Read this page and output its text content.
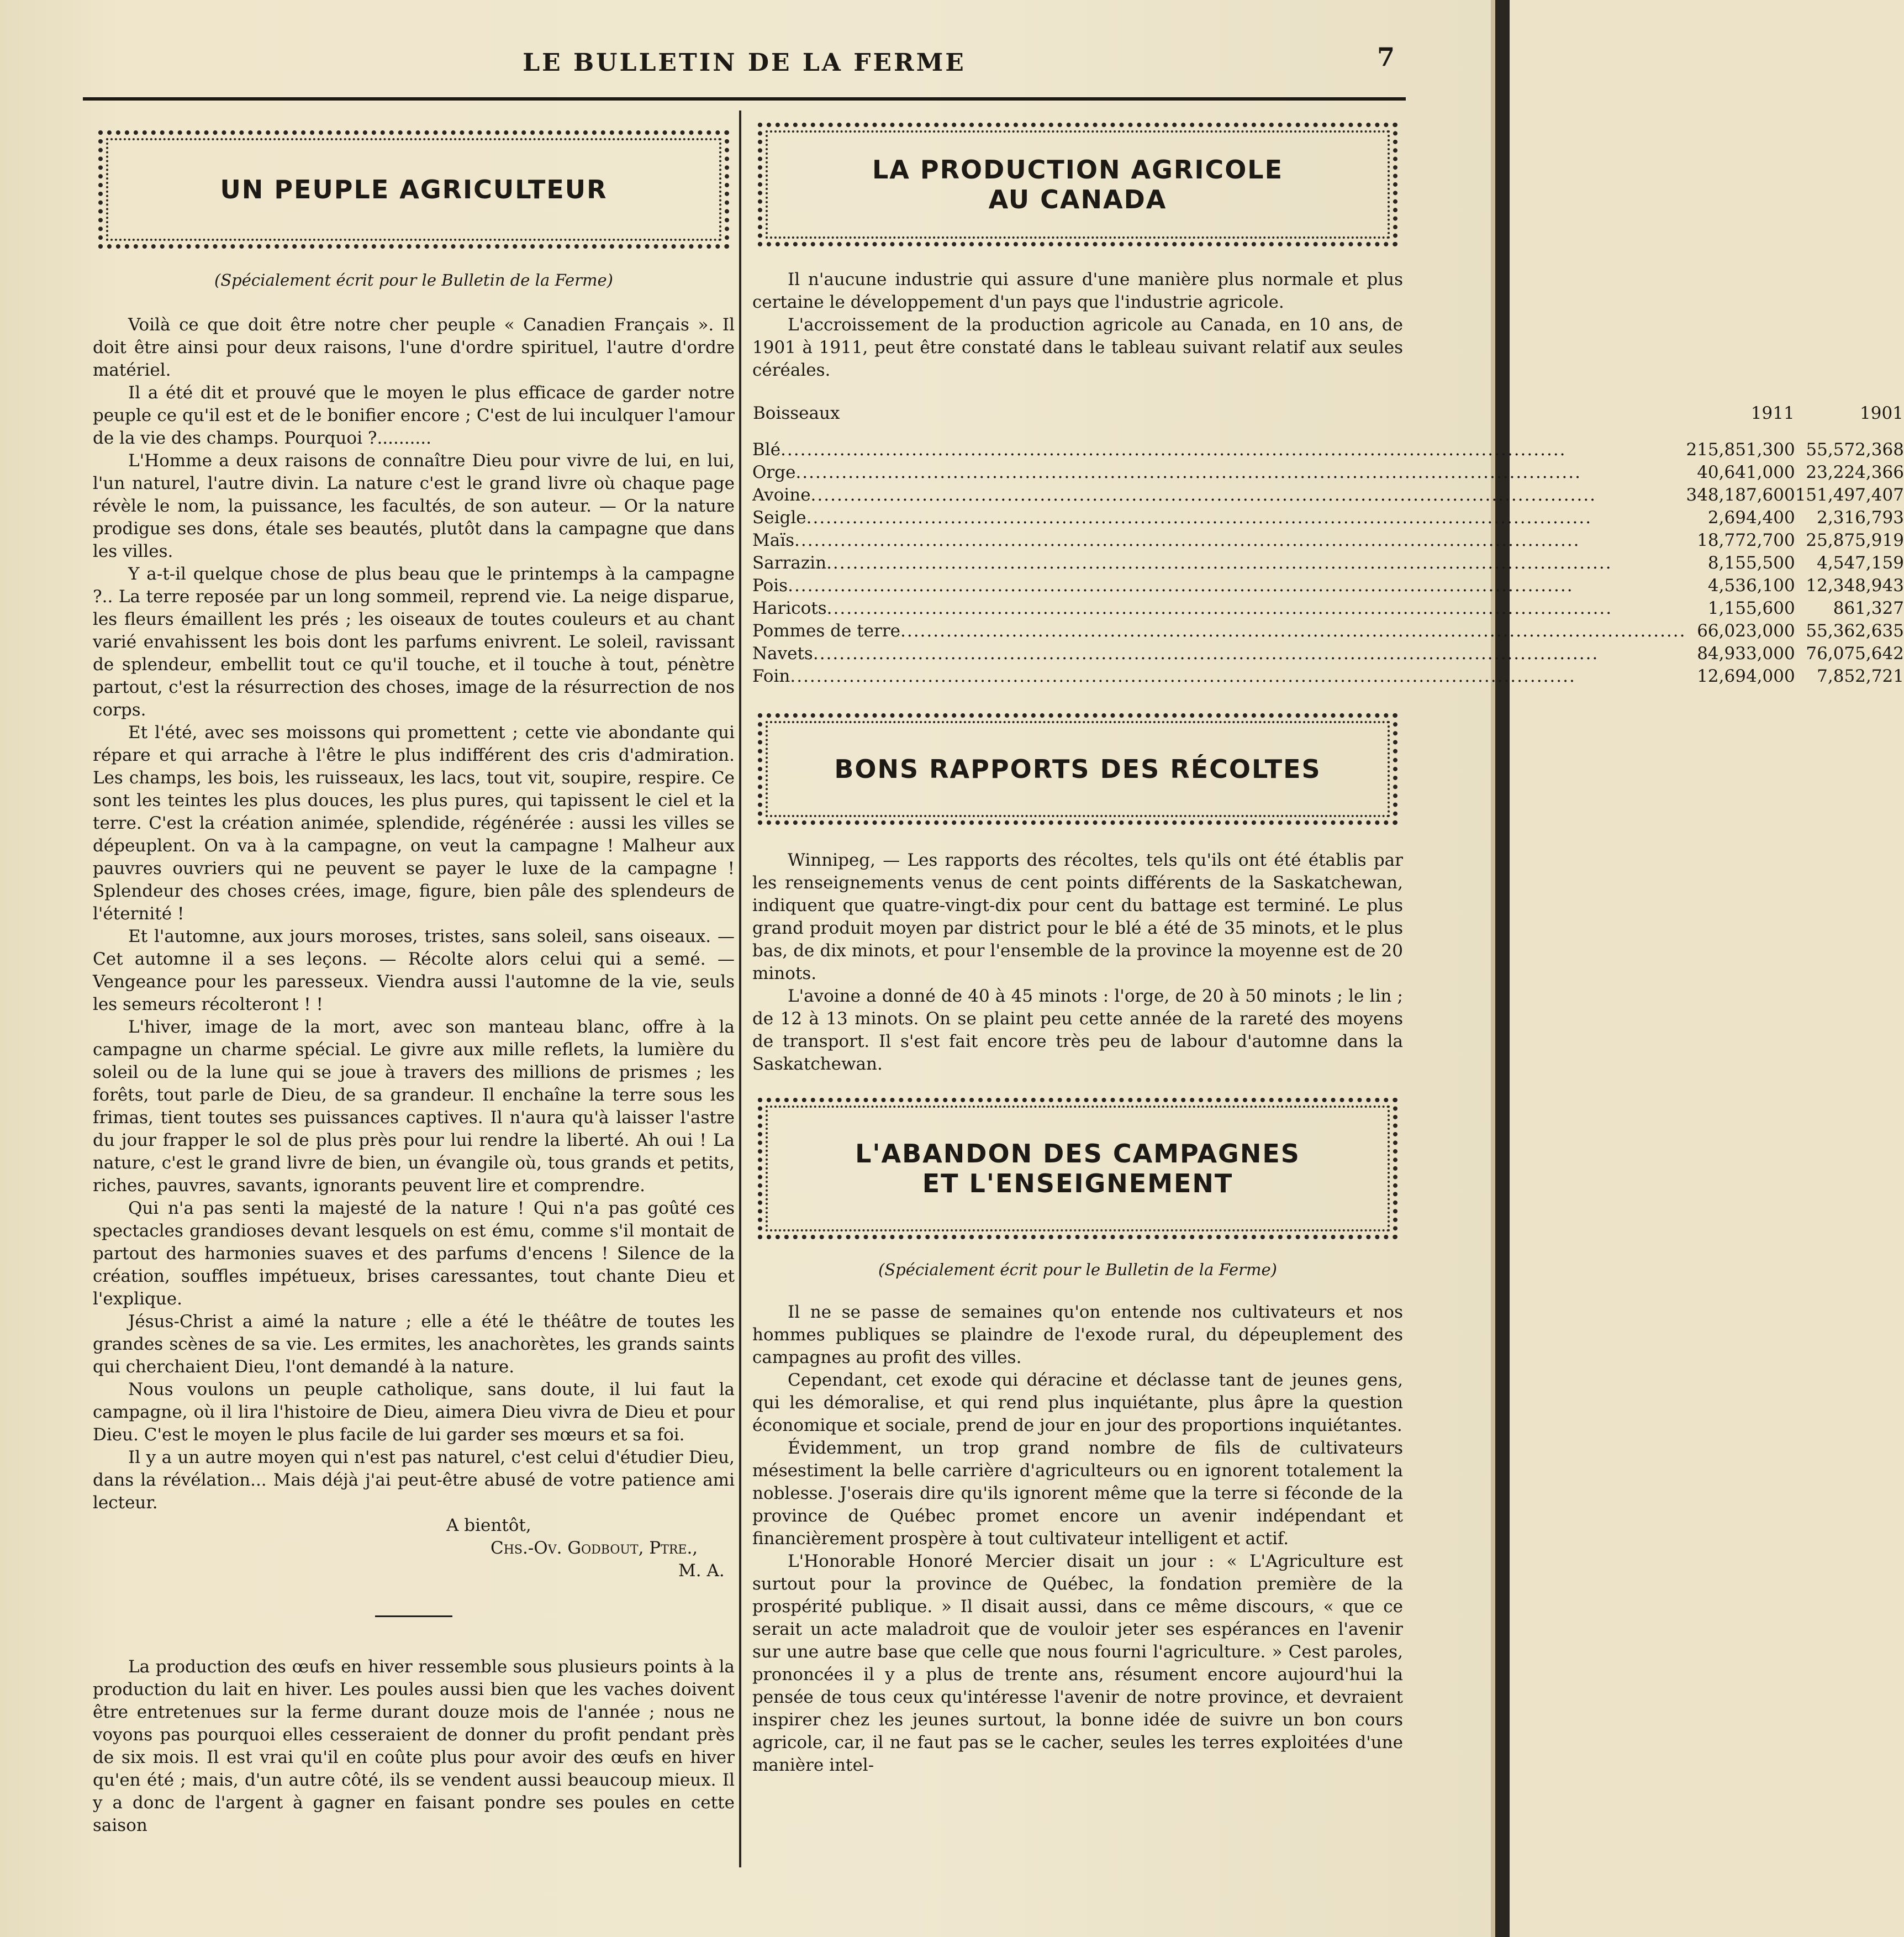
LE BULLETIN DE LA FERME	7
UN PEUPLE AGRICULTEUR
(Spécialement écrit pour le Bulletin de la Ferme)

Voilà ce que doit être notre cher peuple « Canadien Français ». Il doit être ainsi pour deux raisons, l'une d'ordre spirituel, l'autre d'ordre matériel.

Il a été dit et prouvé que le moyen le plus efficace de garder notre peuple ce qu'il est et de le bonifier encore ; C'est de lui inculquer l'amour de la vie des champs. Pourquoi ?..........

L'Homme a deux raisons de connaître Dieu pour vivre de lui, en lui, l'un naturel, l'autre divin. La nature c'est le grand livre où chaque page révèle le nom, la puissance, les facultés, de son auteur. — Or la nature prodigue ses dons, étale ses beautés, plutôt dans la campagne que dans les villes.

Y a-t-il quelque chose de plus beau que le printemps à la campagne ?.. La terre reposée par un long sommeil, reprend vie. La neige disparue, les fleurs émaillent les prés ; les oiseaux de toutes couleurs et au chant varié envahissent les bois dont les parfums enivrent. Le soleil, ravissant de splendeur, embellit tout ce qu'il touche, et il touche à tout, pénètre partout, c'est la résurrection des choses, image de la résurrection de nos corps.

Et l'été, avec ses moissons qui promettent ; cette vie abondante qui répare et qui arrache à l'être le plus indifférent des cris d'admiration. Les champs, les bois, les ruisseaux, les lacs, tout vit, soupire, respire. Ce sont les teintes les plus douces, les plus pures, qui tapissent le ciel et la terre. C'est la création animée, splendide, régénérée : aussi les villes se dépeuplent. On va à la campagne, on veut la campagne ! Malheur aux pauvres ouvriers qui ne peuvent se payer le luxe de la campagne ! Splendeur des choses crées, image, figure, bien pâle des splendeurs de l'éternité !

Et l'automne, aux jours moroses, tristes, sans soleil, sans oiseaux. — Cet automne il a ses leçons. — Récolte alors celui qui a semé. — Vengeance pour les paresseux. Viendra aussi l'automne de la vie, seuls les semeurs récolteront ! !

L'hiver, image de la mort, avec son manteau blanc, offre à la campagne un charme spécial. Le givre aux mille reflets, la lumière du soleil ou de la lune qui se joue à travers des millions de prismes ; les forêts, tout parle de Dieu, de sa grandeur. Il enchaîne la terre sous les frimas, tient toutes ses puissances captives. Il n'aura qu'à laisser l'astre du jour frapper le sol de plus près pour lui rendre la liberté. Ah oui ! La nature, c'est le grand livre de bien, un évangile où, tous grands et petits, riches, pauvres, savants, ignorants peuvent lire et comprendre.

Qui n'a pas senti la majesté de la nature ! Qui n'a pas goûté ces spectacles grandioses devant lesquels on est ému, comme s'il montait de partout des harmonies suaves et des parfums d'encens ! Silence de la création, souffles impétueux, brises caressantes, tout chante Dieu et l'explique.

Jésus-Christ a aimé la nature ; elle a été le théâtre de toutes les grandes scènes de sa vie. Les ermites, les anachorètes, les grands saints qui cherchaient Dieu, l'ont demandé à la nature.

Nous voulons un peuple catholique, sans doute, il lui faut la campagne, où il lira l'histoire de Dieu, aimera Dieu vivra de Dieu et pour Dieu. C'est le moyen le plus facile de lui garder ses mœurs et sa foi.

Il y a un autre moyen qui n'est pas naturel, c'est celui d'étudier Dieu, dans la révélation... Mais déjà j'ai peut-être abusé de votre patience ami lecteur.

A bientôt,
Chs.-Ov. Godbout, Ptre.,
M. A.

La production des œufs en hiver ressemble sous plusieurs points à la production du lait en hiver. Les poules aussi bien que les vaches doivent être entretenues sur la ferme durant douze mois de l'année ; nous ne voyons pas pourquoi elles cesseraient de donner du profit pendant près de six mois. Il est vrai qu'il en coûte plus pour avoir des œufs en hiver qu'en été ; mais, d'un autre côté, ils se vendent aussi beaucoup mieux. Il y a donc de l'argent à gagner en faisant pondre ses poules en cette saison

LA PRODUCTION AGRICOLE
AU CANADA

Il n'aucune industrie qui assure d'une manière plus normale et plus certaine le développement d'un pays que l'industrie agricole.

L'accroissement de la production agricole au Canada, en 10 ans, de 1901 à 1911, peut être constaté dans le tableau suivant relatif aux seules céréales.

Boisseaux	1911	1901
Blé........................................................................................................................	215,851,300	55,572,368
Orge........................................................................................................................	40,641,000	23,224,366
Avoine........................................................................................................................	348,187,600	151,497,407
Seigle........................................................................................................................	2,694,400	2,316,793
Maïs........................................................................................................................	18,772,700	25,875,919
Sarrazin........................................................................................................................	8,155,500	4,547,159
Pois........................................................................................................................	4,536,100	12,348,943
Haricots........................................................................................................................	1,155,600	861,327
Pommes de terre........................................................................................................................	66,023,000	55,362,635
Navets........................................................................................................................	84,933,000	76,075,642
Foin........................................................................................................................	12,694,000	7,852,721
BONS RAPPORTS DES RÉCOLTES

Winnipeg, — Les rapports des récoltes, tels qu'ils ont été établis par les renseignements venus de cent points différents de la Saskatchewan, indiquent que quatre-vingt-dix pour cent du battage est terminé. Le plus grand produit moyen par district pour le blé a été de 35 minots, et le plus bas, de dix minots, et pour l'ensemble de la province la moyenne est de 20 minots.

L'avoine a donné de 40 à 45 minots : l'orge, de 20 à 50 minots ; le lin ; de 12 à 13 minots. On se plaint peu cette année de la rareté des moyens de transport. Il s'est fait encore très peu de labour d'automne dans la Saskatchewan.

L'ABANDON DES CAMPAGNES
ET L'ENSEIGNEMENT
(Spécialement écrit pour le Bulletin de la Ferme)

Il ne se passe de semaines qu'on entende nos cultivateurs et nos hommes publiques se plaindre de l'exode rural, du dépeuplement des campagnes au profit des villes.

Cependant, cet exode qui déracine et déclasse tant de jeunes gens, qui les démoralise, et qui rend plus inquiétante, plus âpre la question économique et sociale, prend de jour en jour des proportions inquiétantes.

Évidemment, un trop grand nombre de fils de cultivateurs mésestiment la belle carrière d'agriculteurs ou en ignorent totalement la noblesse. J'oserais dire qu'ils ignorent même que la terre si féconde de la province de Québec promet encore un avenir indépendant et financièrement prospère à tout cultivateur intelligent et actif.

L'Honorable Honoré Mercier disait un jour : « L'Agriculture est surtout pour la province de Québec, la fondation première de la prospérité publique. » Il disait aussi, dans ce même discours, « que ce serait un acte maladroit que de vouloir jeter ses espérances en l'avenir sur une autre base que celle que nous fourni l'agriculture. » Cest paroles, prononcées il y a plus de trente ans, résument encore aujourd'hui la pensée de tous ceux qu'intéresse l'avenir de notre province, et devraient inspirer chez les jeunes surtout, la bonne idée de suivre un bon cours agricole, car, il ne faut pas se le cacher, seules les terres exploitées d'une manière intel-
